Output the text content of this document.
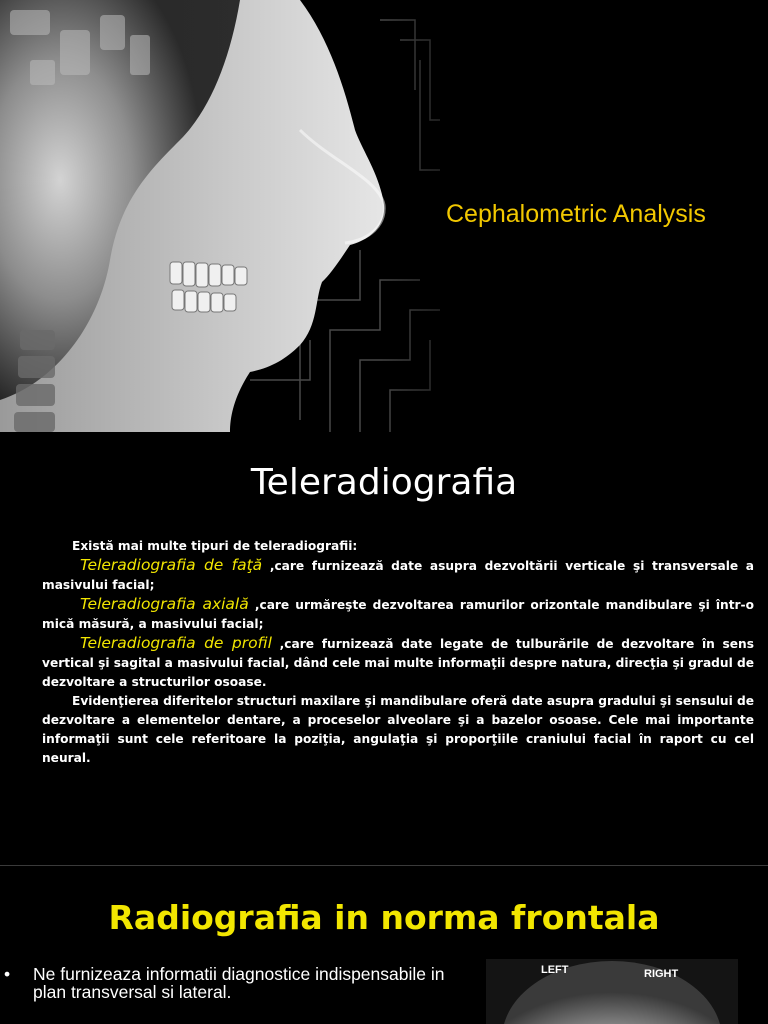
Cephalometric Analysis
Teleradiografia

Există mai multe tipuri de teleradiografii:

Teleradiografia de faţă ,care furnizează date asupra dezvoltării verticale şi transversale a masivului facial;

Teleradiografia axială ,care urmăreşte dezvoltarea ramurilor orizontale mandibulare şi într-o mică măsură, a masivului facial;

Teleradiografia de profil ,care furnizează date legate de tulburările de dezvoltare în sens vertical şi sagital a masivului facial, dând cele mai multe informaţii despre natura, direcţia şi gradul de dezvoltare a structurilor osoase.

Evidenţierea diferitelor structuri maxilare şi mandibulare oferă date asupra gradului şi sensului de dezvoltare a elementelor dentare, a proceselor alveolare şi a bazelor osoase. Cele mai importante informaţii sunt cele referitoare la poziţia, angulaţia şi proporţiile craniului facial în raport cu cel neural.

Radiografia in norma frontala
• Ne furnizeaza informatii diagnostice indispensabile in plan transversal si lateral.
LEFT	RIGHT
